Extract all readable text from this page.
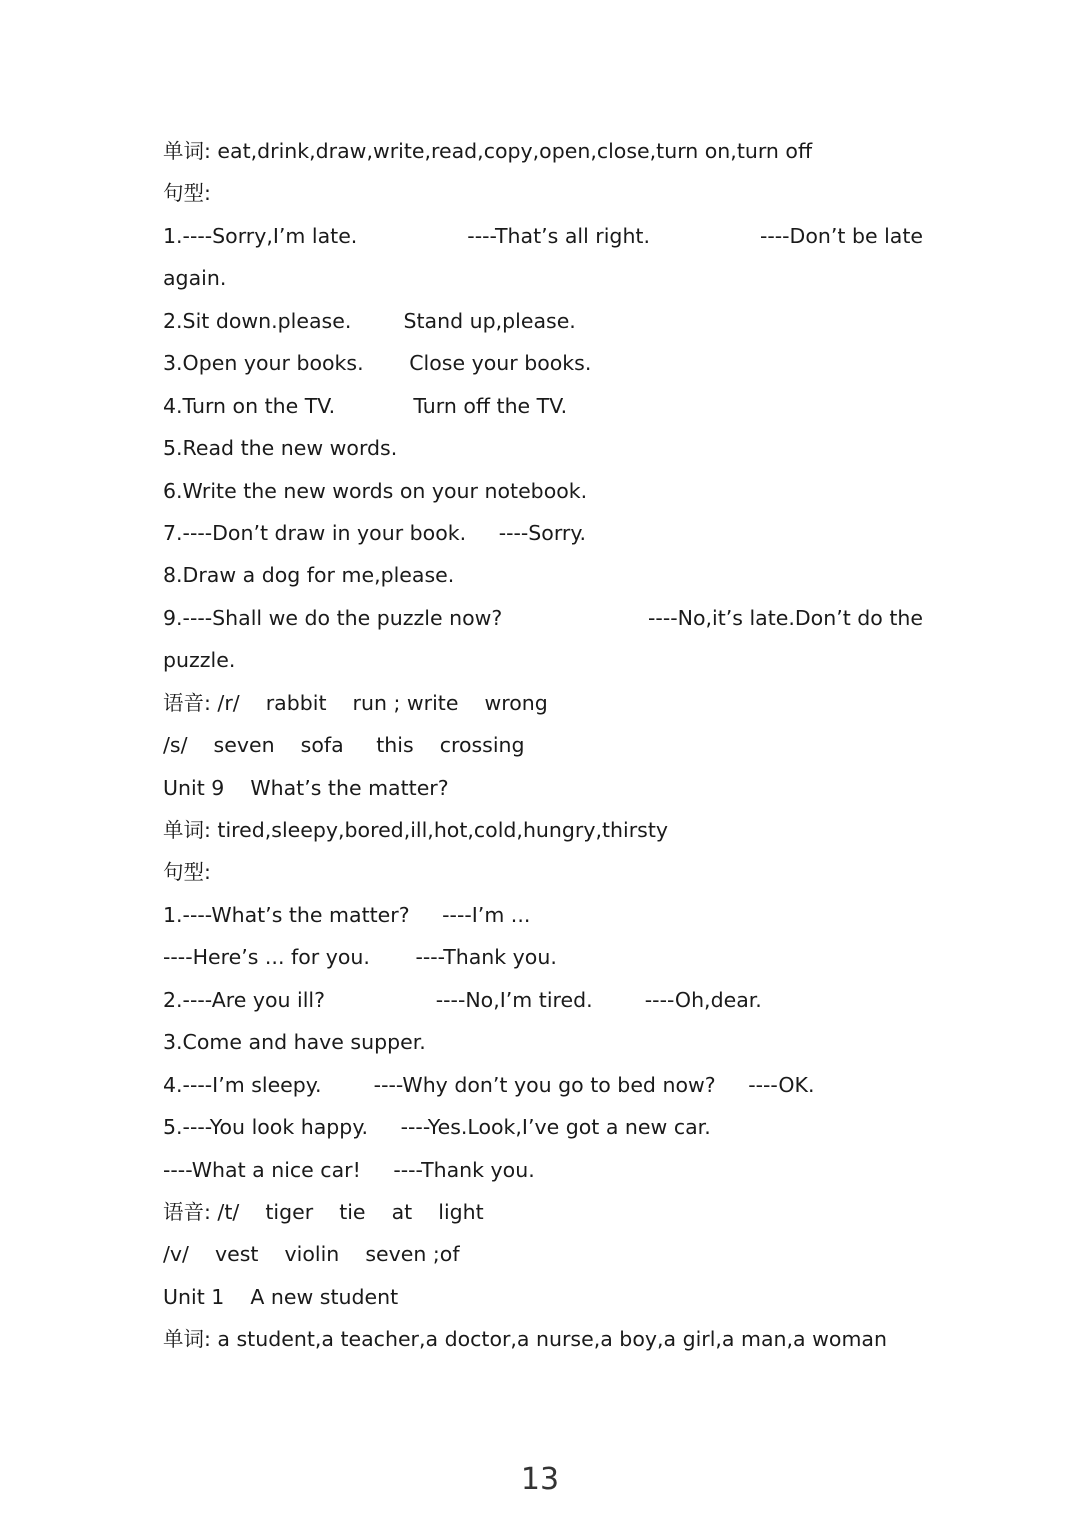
单词: eat,drink,draw,write,read,copy,open,close,turn on,turn off
句型:
1.----Sorry,I’m late.	----That’s all right.	----Don’t be late
again.
2.Sit down.please.        Stand up,please.
3.Open your books.       Close your books.
4.Turn on the TV.            Turn off the TV.
5.Read the new words.
6.Write the new words on your notebook.
7.----Don’t draw in your book.     ----Sorry.
8.Draw a dog for me,please.
9.----Shall we do the puzzle now?	----No,it’s late.Don’t do the
puzzle.
语音: /r/    rabbit    run ; write    wrong
/s/    seven    sofa     this    crossing
Unit 9    What’s the matter?
单词: tired,sleepy,bored,ill,hot,cold,hungry,thirsty
句型:
1.----What’s the matter?     ----I’m ...
----Here’s ... for you.       ----Thank you.
2.----Are you ill?                 ----No,I’m tired.        ----Oh,dear.
3.Come and have supper.
4.----I’m sleepy.        ----Why don’t you go to bed now?     ----OK.
5.----You look happy.     ----Yes.Look,I’ve got a new car.
----What a nice car!     ----Thank you.
语音: /t/    tiger    tie    at    light
/v/    vest    violin    seven ;of
Unit 1    A new student
单词: a student,a teacher,a doctor,a nurse,a boy,a girl,a man,a woman
13
